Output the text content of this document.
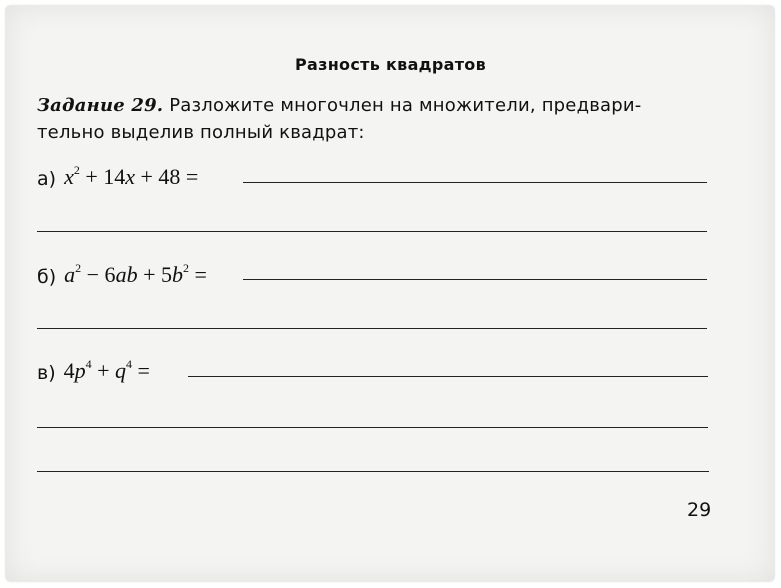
Разность квадратов
Задание 29. Разложите многочлен на множители, предвари-
тельно выделив полный квадрат:
а) $x^2 + 14x + 48$ =
б) $a^2 - 6ab + 5b^2$ =
в) $4p^4 + q^4$ =
29
